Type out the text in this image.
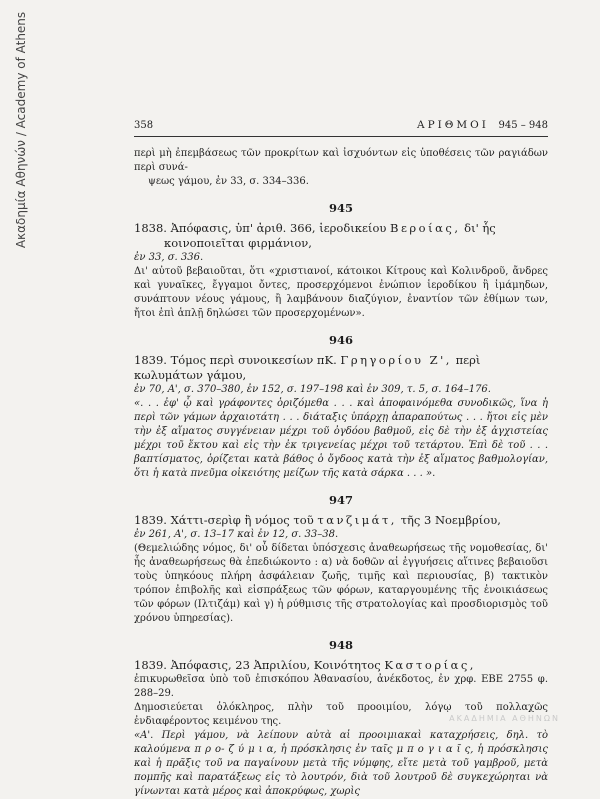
Ακαδημία Αθηνών / Academy of Athens	358	ΑΡΙΘΜΟΙ 945 – 948

περὶ μὴ ἐπεμβάσεως τῶν προκρίτων καὶ ἰσχυόντων εἰς ὑποθέσεις τῶν ραγιάδων περὶ συνά-

ψεως γάμου, ἐν 33, σ. 334–336.

945
1838. Ἀπόφασις, ὑπ' ἀριθ. 366, ἱεροδικείου Βεροίας, δι' ἧς
κοινοποιεῖται φιρμάνιον,

ἐν 33, σ. 336.

Δι' αὐτοῦ βεβαιοῦται, ὅτι «χριστιανοί, κάτοικοι Κίτρους καὶ Κολινδροῦ, ἄνδρες καὶ γυναῖκες, ἔγγαμοι ὄντες, προσερχόμενοι ἐνώπιον ἱεροδίκου ἢ ἱμάμηδων, συνάπτουν νέους γάμους, ἢ λαμβάνουν διαζύγιον, ἐναντίον τῶν ἐθίμων των, ἤτοι ἐπὶ ἁπλῇ δηλώσει τῶν προσερχομένων».

946
1839. Τόμος περὶ συνοικεσίων πΚ. Γρηγορίου Ζ', περὶ κωλυμάτων γάμου,

ἐν 70, Α', σ. 370–380, ἐν 152, σ. 197–198 καὶ ἐν 309, τ. 5, σ. 164–176.

«. . . ἐφ' ᾧ καὶ γράφοντες ὁριζόμεθα . . . καὶ ἀποφαινόμεθα συνοδικῶς, ἵνα ἡ περὶ τῶν γάμων ἀρχαιοτάτη . . . διάταξις ὑπάρχῃ ἀπαραπούτως . . . ἤτοι εἰς μὲν τὴν ἐξ αἵματος συγγένειαν μέχρι τοῦ ὀγδόου βαθμοῦ, εἰς δὲ τὴν ἐξ ἀγχιστείας μέχρι τοῦ ἕκτου καὶ εἰς τὴν ἐκ τριγενείας μέχρι τοῦ τετάρτου. Ἐπὶ δὲ τοῦ . . . βαπτίσματος, ὁρίζεται κατὰ βάθος ὁ ὄγδοος κατὰ τὴν ἐξ αἵματος βαθμολογίαν, ὅτι ἡ κατὰ πνεῦμα οἰκειότης μείζων τῆς κατὰ σάρκα . . . ».

947
1839. Χάττι-σερὶφ ἢ νόμος τοῦ τανζιμάτ, τῆς 3 Νοεμβρίου,

ἐν 261, Α', σ. 13–17 καὶ ἐν 12, σ. 33–38.

(Θεμελιώδης νόμος, δι' οὗ δίδεται ὑπόσχεσις ἀναθεωρήσεως τῆς νομοθεσίας, δι' ἧς ἀναθεωρήσεως θὰ ἐπεδιώκοντο : α) νὰ δοθῶν αἱ ἐγγυήσεις αἵτινες βεβαιοῦσι τοὺς ὑπηκόους πλήρη ἀσφάλειαν ζωῆς, τιμῆς καὶ περιουσίας, β) τακτικὸν τρόπον ἐπιβολῆς καὶ εἰσπράξεως τῶν φόρων, καταργουμένης τῆς ἐνοικιάσεως τῶν φόρων (Ιλτιζάμ) καὶ γ) ἡ ρύθμισις τῆς στρατολογίας καὶ προσδιορισμὸς τοῦ χρόνου ὑπηρεσίας).

948
1839. Ἀπόφασις, 23 Ἀπριλίου, Κοινότητος Καστορίας,

ἐπικυρωθεῖσα ὑπὸ τοῦ ἐπισκόπου Ἀθανασίου, ἀνέκδοτος, ἐν χρφ. ΕΒΕ 2755 φ. 288–29.

Δημοσιεύεται ὁλόκληρος, πλὴν τοῦ προοιμίου, λόγῳ τοῦ πολλαχῶς ἐνδιαφέροντος κειμένου της.

«Α'. Περὶ γάμου, νὰ λείπουν αὐτὰ αἱ προοιμιακαὶ καταχρήσεις, δηλ. τὸ καλούμενα π ρ ο- ζ ύ μ ι α, ἡ πρόσκλησις ἐν ταῖς μ π ο γ ι α ῖ ς, ἡ πρόσκλησις καὶ ἡ πρᾶξις τοῦ να παγαίνουν μετὰ τῆς νύμφης, εἴτε μετὰ τοῦ γαμβροῦ, μετὰ πομπῆς καὶ παρατάξεως εἰς τὸ λουτρόν, διὰ τοῦ λουτροῦ δὲ συγκεχώρηται νὰ γίνωνται κατὰ μέρος καὶ ἀποκρύφως, χωρὶς

ΑΚΑΔΗΜΙΑ ΑΘΗΝΩΝ
